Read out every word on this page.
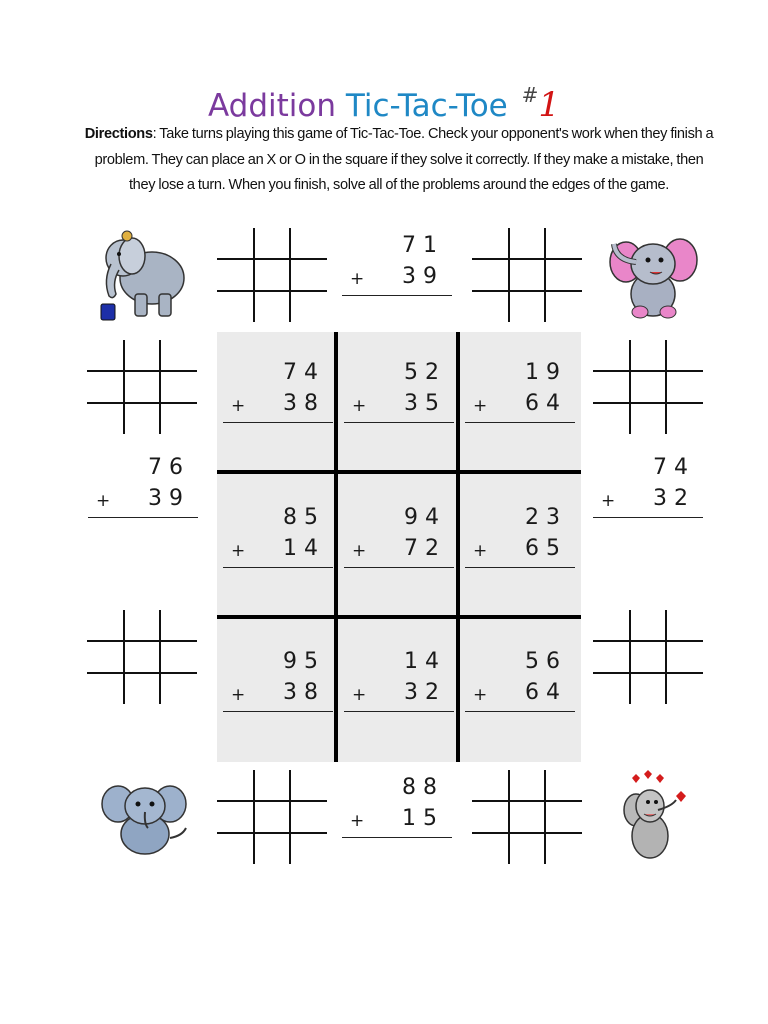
Addition Tic-Tac-Toe #1
Directions: Take turns playing this game of Tic-Tac-Toe. Check your opponent's work when they finish a problem. They can place an X or O in the square if they solve it correctly. If they make a mistake, then they lose a turn. When you finish, solve all of the problems around the edges of the game.
71
+ 39
76
+ 39
74
+ 32
88
+ 15
74
+ 38
52
+ 35
19
+ 64
85
+ 14
94
+ 72
23
+ 65
95
+ 38
14
+ 32
56
+ 64
